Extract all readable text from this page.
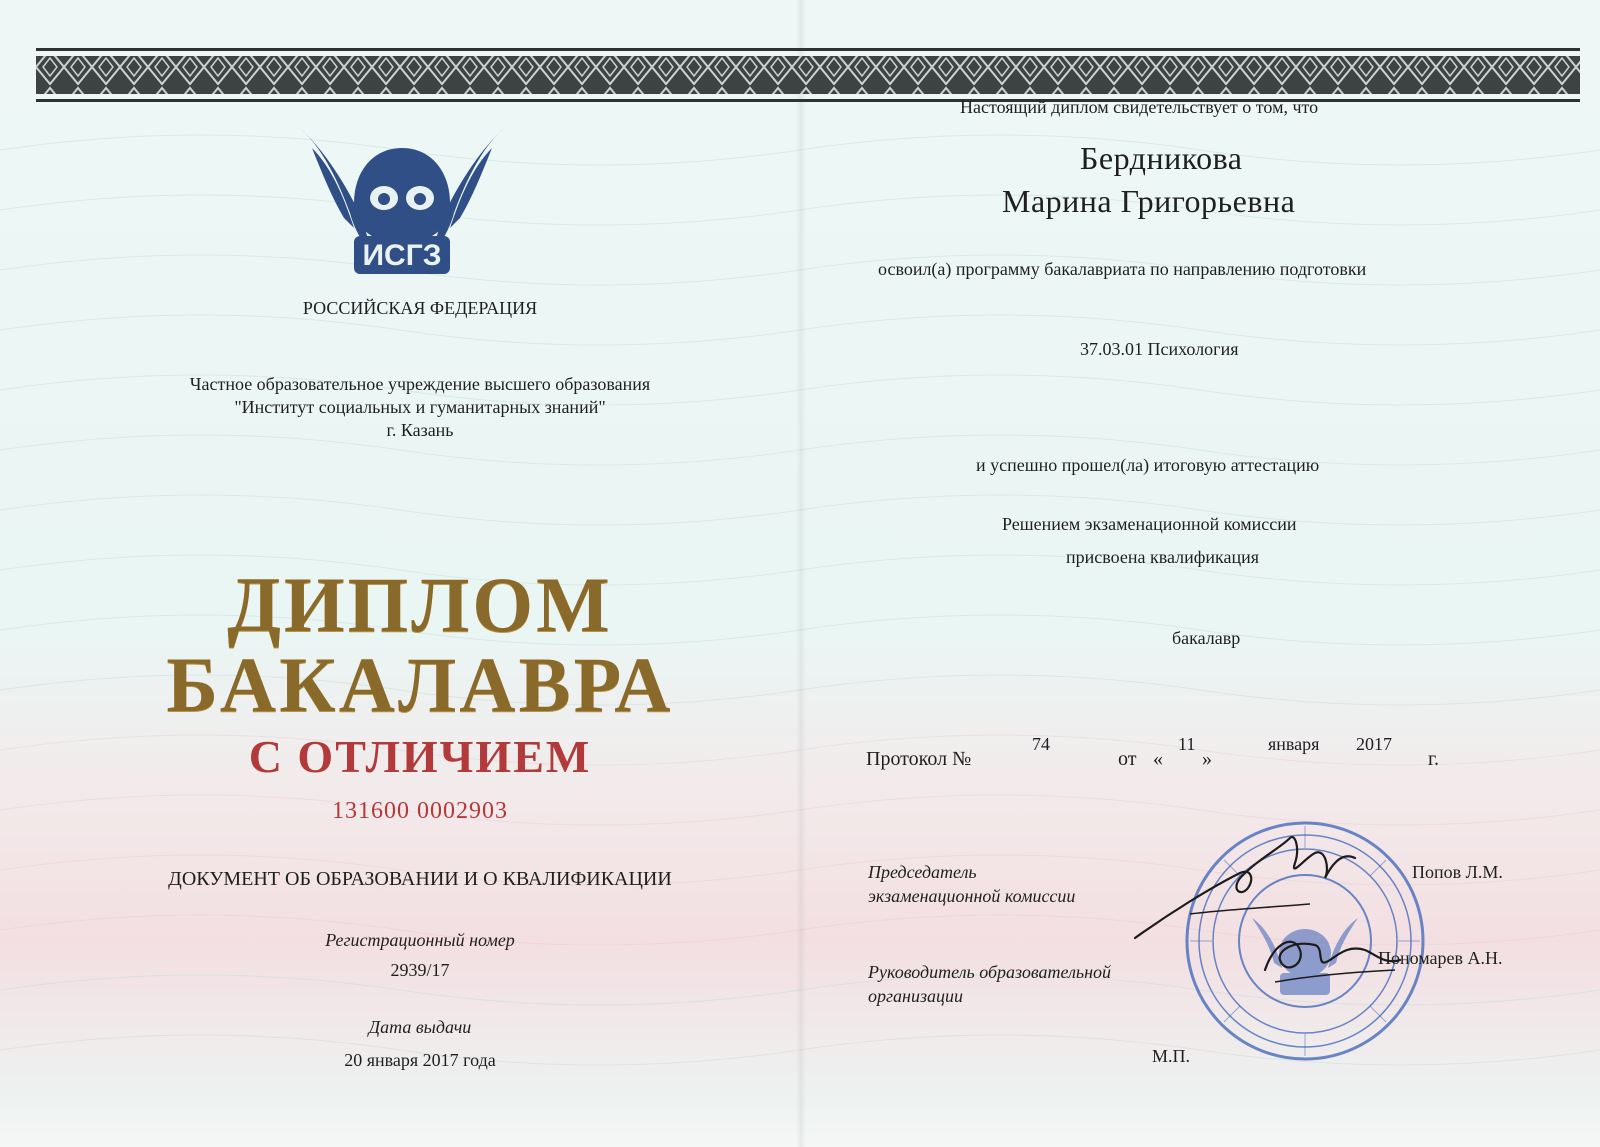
ИСГЗ
РОССИЙСКАЯ ФЕДЕРАЦИЯ
Частное образовательное учреждение высшего образования
"Институт социальных и гуманитарных знаний"
г. Казань
ДИПЛОМ
БАКАЛАВРА
С ОТЛИЧИЕМ
131600 0002903
ДОКУМЕНТ ОБ ОБРАЗОВАНИИ И О КВАЛИФИКАЦИИ
Регистрационный номер
2939/17
Дата выдачи
20 января 2017 года
Настоящий диплом свидетельствует о том, что
Бердникова
Марина Григорьевна
освоил(а) программу бакалавриата по направлению подготовки
37.03.01 Психология
и успешно прошел(ла) итоговую аттестацию
Решением экзаменационной комиссии
присвоена квалификация
бакалавр
Протокол №
74
от «
11
»
января 2017
г.
Председатель
экзаменационной комиссии
Попов Л.М.
Руководитель образовательной
организации
Пономарев А.Н.
М.П.
